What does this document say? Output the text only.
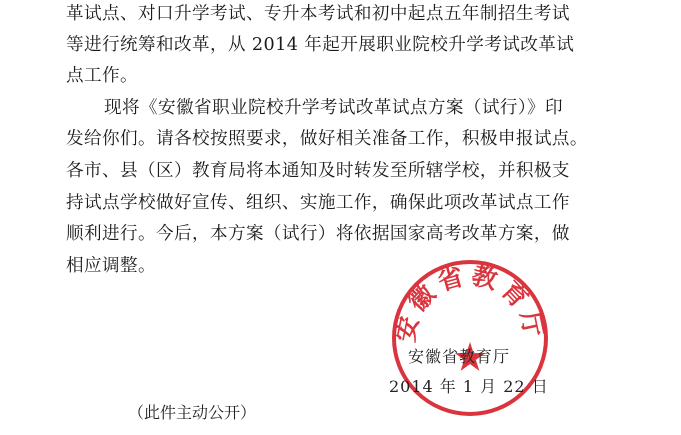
革试点、对口升学考试、专升本考试和初中起点五年制招生考试
等进行统筹和改革，从 2014 年起开展职业院校升学考试改革试
点工作。
现将《安徽省职业院校升学考试改革试点方案（试行）》印
发给你们。请各校按照要求，做好相关准备工作，积极申报试点。
各市、县（区）教育局将本通知及时转发至所辖学校，并积极支
持试点学校做好宣传、组织、实施工作，确保此项改革试点工作
顺利进行。今后，本方案（试行）将依据国家高考改革方案，做
相应调整。
安徽省教育厅
安徽省教育厅
2014 年 1 月 22 日
（此件主动公开）
